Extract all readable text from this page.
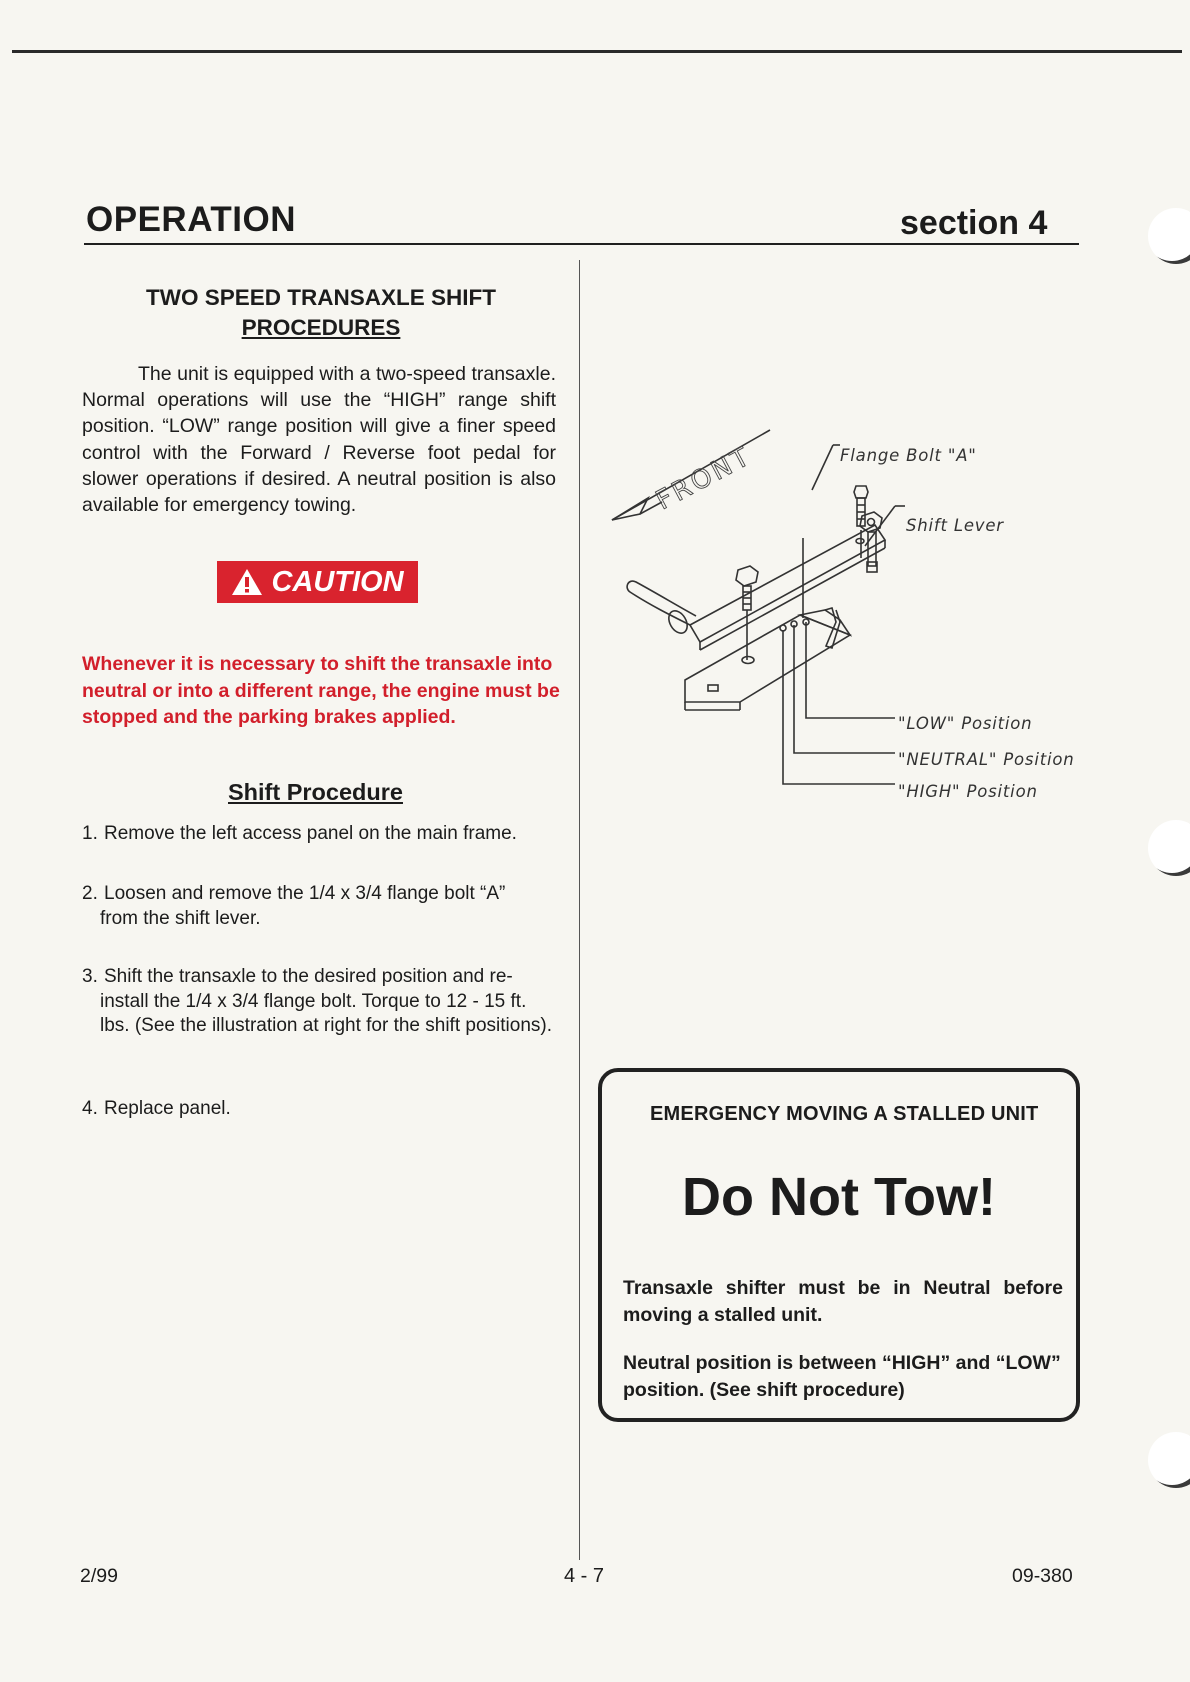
OPERATION	section 4
TWO SPEED TRANSAXLE SHIFT
PROCEDURES
The unit is equipped with a two-speed transaxle. Normal operations will use the “HIGH” range shift position. “LOW” range position will give a finer speed control with the Forward / Reverse foot pedal for slower operations if desired. A neutral position is also available for emergency towing.
CAUTION
Whenever it is necessary to shift the transaxle into neutral or into a different range, the engine must be stopped and the parking brakes applied.
Shift Procedure
1. Remove the left access panel on the main frame.
2. Loosen and remove the 1/4 x 3/4 flange bolt “A”
from the shift lever.
3. Shift the transaxle to the desired position and re-
install the 1/4 x 3/4 flange bolt. Torque to 12 - 15 ft. lbs. (See the illustration at right for the shift positions).
4. Replace panel.
FRONT	Flange Bolt "A"
Shift Lever
"LOW" Position
"NEUTRAL" Position
"HIGH" Position
EMERGENCY MOVING A STALLED UNIT
Do Not Tow!
Transaxle shifter must be in Neutral before moving a stalled unit.
Neutral position is between “HIGH” and “LOW” position. (See shift procedure)
2/99	4 - 7	09-380
